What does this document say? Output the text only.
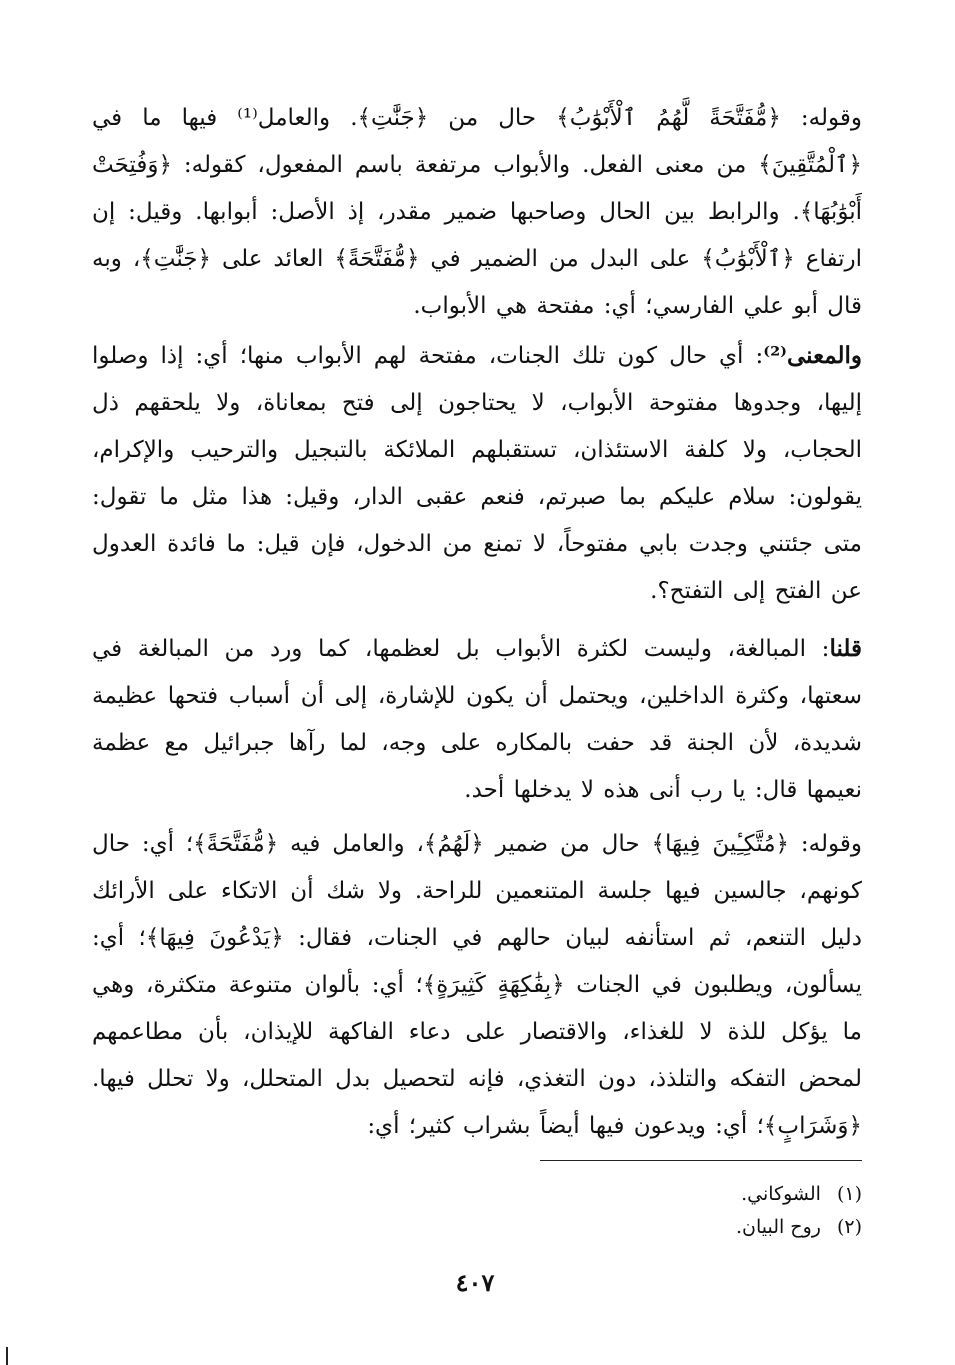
وقوله: ﴿مُّفَتَّحَةً لَّهُمُ ٱلْأَبْوَٰبُ﴾ حال من ﴿جَنَّٰتِ﴾. والعامل⁽¹⁾ فيها ما في ﴿ٱلْمُتَّقِينَ﴾ من معنى الفعل. والأبواب مرتفعة باسم المفعول، كقوله: ﴿وَفُتِحَتْ أَبْوَٰبُهَا﴾. والرابط بين الحال وصاحبها ضمير مقدر، إذ الأصل: أبوابها. وقيل: إن ارتفاع ﴿ٱلْأَبْوَٰبُ﴾ على البدل من الضمير في ﴿مُّفَتَّحَةً﴾ العائد على ﴿جَنَّٰتِ﴾، وبه قال أبو علي الفارسي؛ أي: مفتحة هي الأبواب.

والمعنى⁽²⁾: أي حال كون تلك الجنات، مفتحة لهم الأبواب منها؛ أي: إذا وصلوا إليها، وجدوها مفتوحة الأبواب، لا يحتاجون إلى فتح بمعاناة، ولا يلحقهم ذل الحجاب، ولا كلفة الاستئذان، تستقبلهم الملائكة بالتبجيل والترحيب والإكرام، يقولون: سلام عليكم بما صبرتم، فنعم عقبى الدار، وقيل: هذا مثل ما تقول: متى جئتني وجدت بابي مفتوحاً، لا تمنع من الدخول، فإن قيل: ما فائدة العدول عن الفتح إلى التفتح؟.

قلنا: المبالغة، وليست لكثرة الأبواب بل لعظمها، كما ورد من المبالغة في سعتها، وكثرة الداخلين، ويحتمل أن يكون للإشارة، إلى أن أسباب فتحها عظيمة شديدة، لأن الجنة قد حفت بالمكاره على وجه، لما رآها جبرائيل مع عظمة نعيمها قال: يا رب أنى هذه لا يدخلها أحد.

وقوله: ﴿مُتَّكِـِٔينَ فِيهَا﴾ حال من ضمير ﴿لَهُمُ﴾، والعامل فيه ﴿مُّفَتَّحَةً﴾؛ أي: حال كونهم، جالسين فيها جلسة المتنعمين للراحة. ولا شك أن الاتكاء على الأرائك دليل التنعم، ثم استأنفه لبيان حالهم في الجنات، فقال: ﴿يَدْعُونَ فِيهَا﴾؛ أي: يسألون، ويطلبون في الجنات ﴿بِفَٰكِهَةٍ كَثِيرَةٍ﴾؛ أي: بألوان متنوعة متكثرة، وهي ما يؤكل للذة لا للغذاء، والاقتصار على دعاء الفاكهة للإيذان، بأن مطاعمهم لمحض التفكه والتلذذ، دون التغذي، فإنه لتحصيل بدل المتحلل، ولا تحلل فيها. ﴿وَشَرَابٍ﴾؛ أي: ويدعون فيها أيضاً بشراب كثير؛ أي:

(١)الشوكاني.
(٢)روح البيان.
٤٠٧
